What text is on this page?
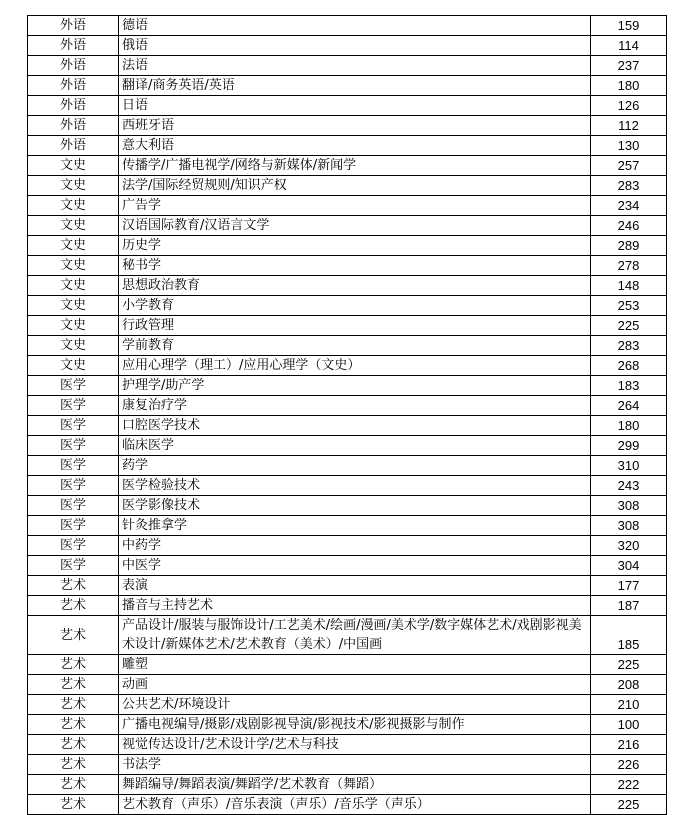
外语	德语	159
外语	俄语	114
外语	法语	237
外语	翻译/商务英语/英语	180
外语	日语	126
外语	西班牙语	112
外语	意大利语	130
文史	传播学/广播电视学/网络与新媒体/新闻学	257
文史	法学/国际经贸规则/知识产权	283
文史	广告学	234
文史	汉语国际教育/汉语言文学	246
文史	历史学	289
文史	秘书学	278
文史	思想政治教育	148
文史	小学教育	253
文史	行政管理	225
文史	学前教育	283
文史	应用心理学（理工）/应用心理学（文史）	268
医学	护理学/助产学	183
医学	康复治疗学	264
医学	口腔医学技术	180
医学	临床医学	299
医学	药学	310
医学	医学检验技术	243
医学	医学影像技术	308
医学	针灸推拿学	308
医学	中药学	320
医学	中医学	304
艺术	表演	177
艺术	播音与主持艺术	187
艺术	产品设计/服装与服饰设计/工艺美术/绘画/漫画/美术学/数字媒体艺术/戏剧影视美术设计/新媒体艺术/艺术教育（美术）/中国画	185
艺术	雕塑	225
艺术	动画	208
艺术	公共艺术/环境设计	210
艺术	广播电视编导/摄影/戏剧影视导演/影视技术/影视摄影与制作	100
艺术	视觉传达设计/艺术设计学/艺术与科技	216
艺术	书法学	226
艺术	舞蹈编导/舞蹈表演/舞蹈学/艺术教育（舞蹈）	222
艺术	艺术教育（声乐）/音乐表演（声乐）/音乐学（声乐）	225
